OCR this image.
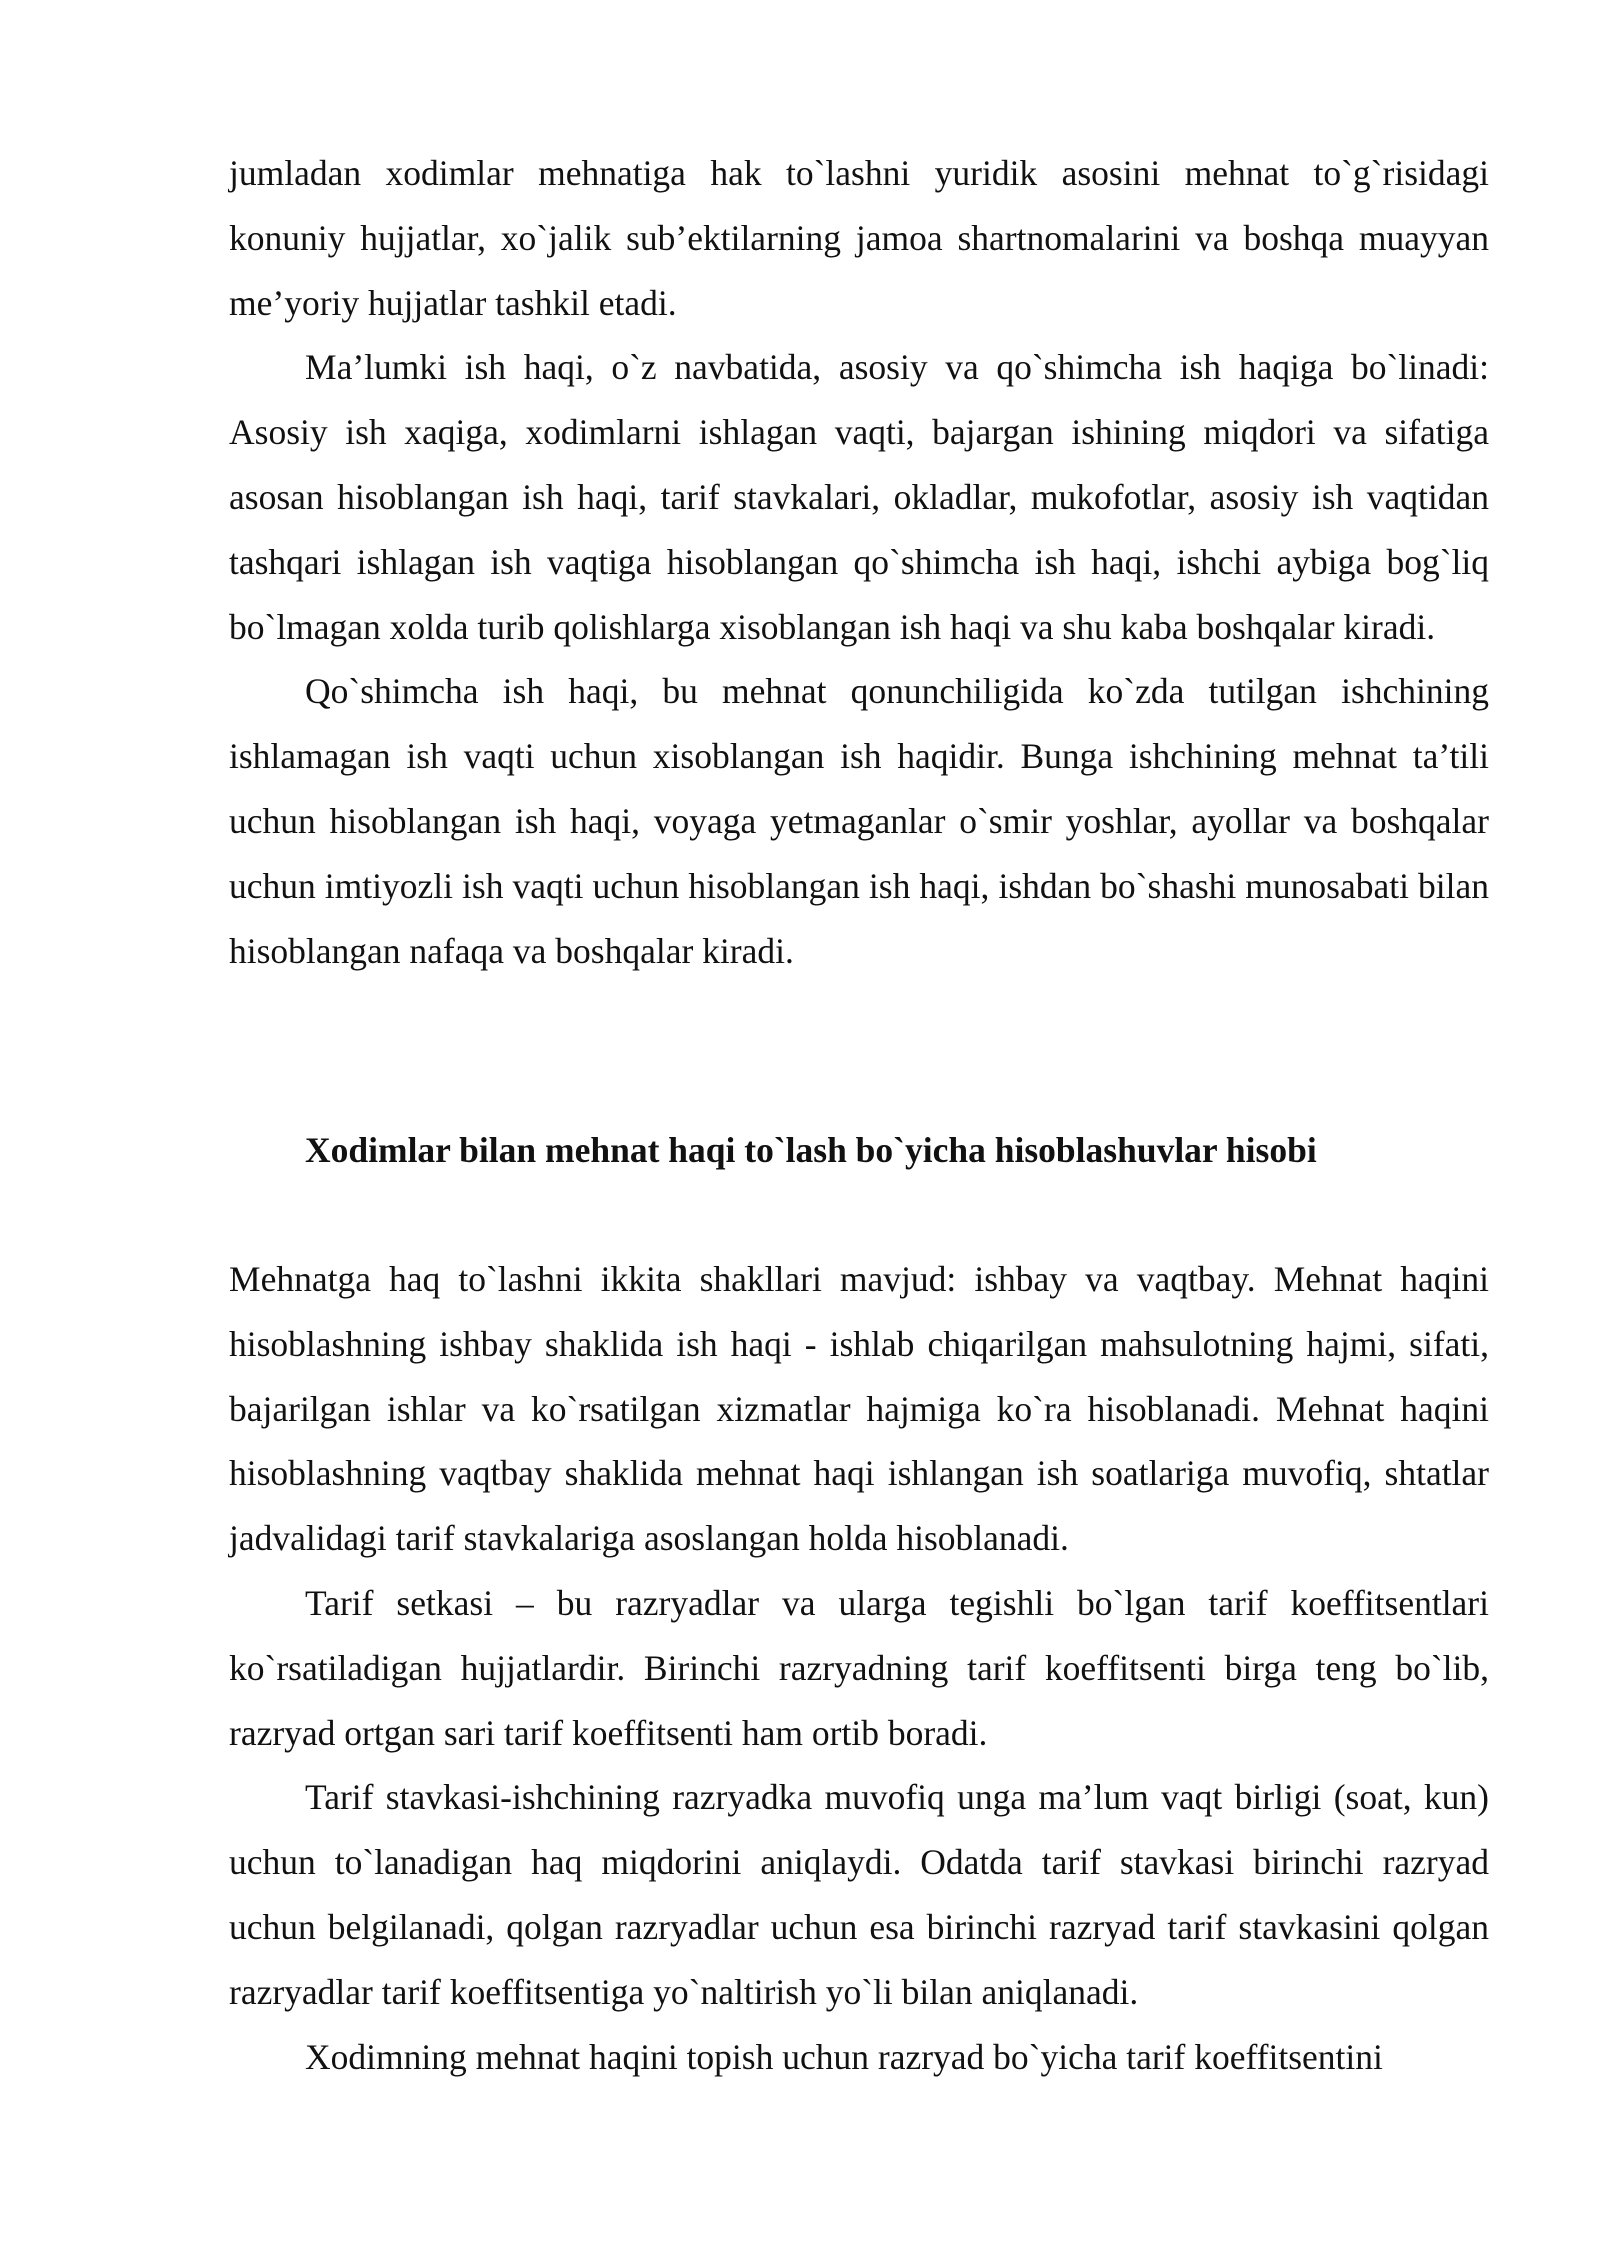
jumladan xodimlar mehnatiga hak to`lashni yuridik asosini mehnat to`g`risidagi konuniy hujjatlar, xo`jalik sub’ektilarning jamoa shartnomalarini va boshqa muayyan me’yoriy hujjatlar tashkil etadi.

Ma’lumki ish haqi, o`z navbatida, asosiy va qo`shimcha ish haqiga bo`linadi: Asosiy ish xaqiga, xodimlarni ishlagan vaqti, bajargan ishining miqdori va sifatiga asosan hisoblangan ish haqi, tarif stavkalari, okladlar, mukofotlar, asosiy ish vaqtidan tashqari ishlagan ish vaqtiga hisoblangan qo`shimcha ish haqi, ishchi aybiga bog`liq bo`lmagan xolda turib qolishlarga xisoblangan ish haqi va shu kaba boshqalar kiradi.

Qo`shimcha ish haqi, bu mehnat qonunchiligida ko`zda tutilgan ishchining ishlamagan ish vaqti uchun xisoblangan ish haqidir. Bunga ishchining mehnat ta’tili uchun hisoblangan ish haqi, voyaga yetmaganlar o`smir yoshlar, ayollar va boshqalar uchun imtiyozli ish vaqti uchun hisoblangan ish haqi, ishdan bo`shashi munosabati bilan hisoblangan nafaqa va boshqalar kiradi.

Xodimlar bilan mehnat haqi to`lash bo`yicha hisoblashuvlar hisobi

Mehnatga haq to`lashni ikkita shakllari mavjud: ishbay va vaqtbay. Mehnat haqini hisoblashning ishbay shaklida ish haqi - ishlab chiqarilgan mahsulotning hajmi, sifati, bajarilgan ishlar va ko`rsatilgan xizmatlar hajmiga ko`ra hisoblanadi. Mehnat haqini hisoblashning vaqtbay shaklida mehnat haqi ishlangan ish soatlariga muvofiq, shtatlar jadvalidagi tarif stavkalariga asoslangan holda hisoblanadi.

Tarif setkasi – bu razryadlar va ularga tegishli bo`lgan tarif koeffitsentlari ko`rsatiladigan hujjatlardir. Birinchi razryadning tarif koeffitsenti birga teng bo`lib, razryad ortgan sari tarif koeffitsenti ham ortib boradi.

Tarif stavkasi-ishchining razryadka muvofiq unga ma’lum vaqt birligi (soat, kun) uchun to`lanadigan haq miqdorini aniqlaydi. Odatda tarif stavkasi birinchi razryad uchun belgilanadi, qolgan razryadlar uchun esa birinchi razryad tarif stavkasini qolgan razryadlar tarif koeffitsentiga yo`naltirish yo`li bilan aniqlanadi.

Xodimning mehnat haqini topish uchun razryad bo`yicha tarif koeffitsentini
